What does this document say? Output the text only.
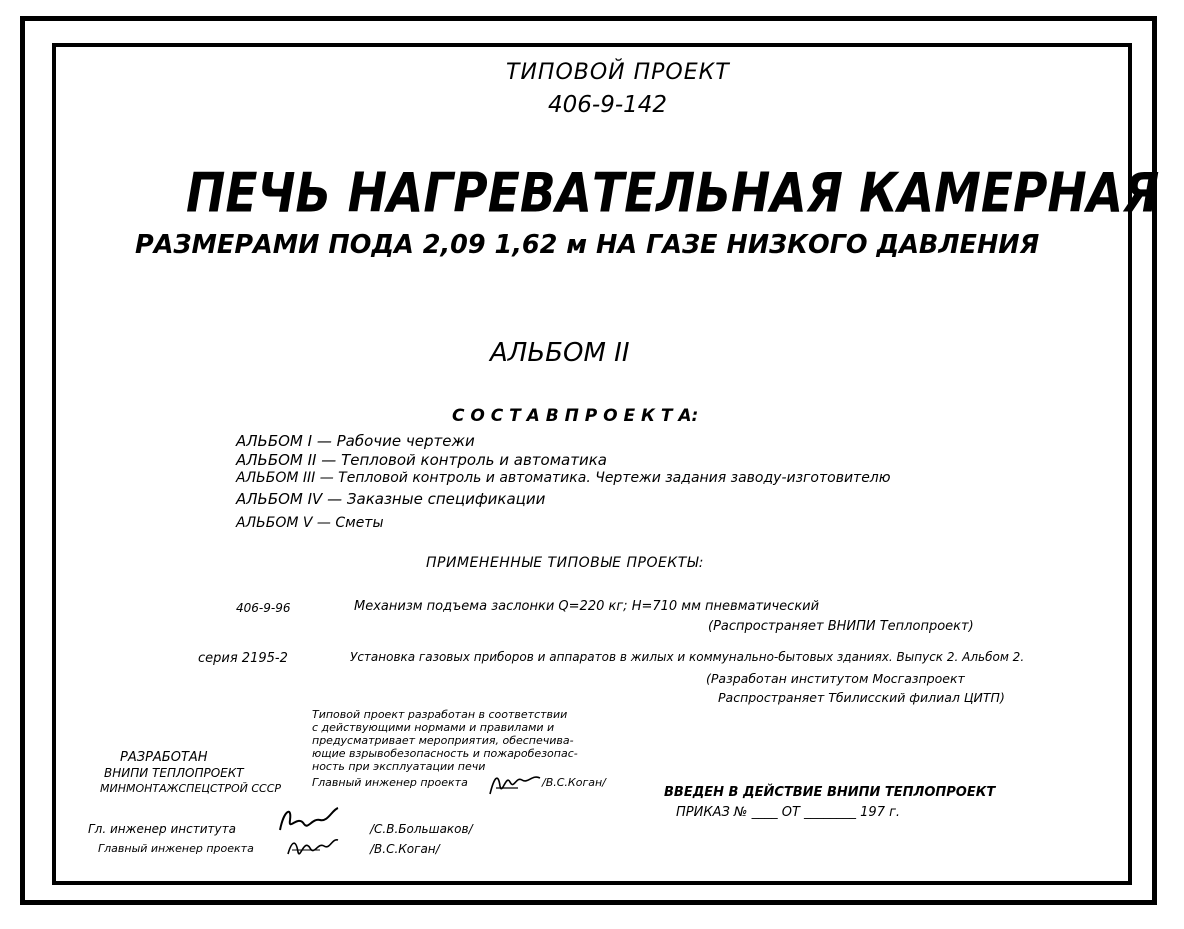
ТИПОВОЙ ПРОЕКТ
406-9-142
ПЕЧЬ НАГРЕВАТЕЛЬНАЯ КАМЕРНАЯ
РАЗМЕРАМИ ПОДА 2,09 1,62 м НА ГАЗЕ НИЗКОГО ДАВЛЕНИЯ
АЛЬБОМ II
С О С Т А В П Р О Е К Т А:
АЛЬБОМ I — Рабочие чертежи
АЛЬБОМ II — Тепловой контроль и автоматика
АЛЬБОМ III — Тепловой контроль и автоматика. Чертежи задания заводу-изготовителю
АЛЬБОМ IV — Заказные спецификации
АЛЬБОМ V — Сметы
ПРИМЕНЕННЫЕ ТИПОВЫЕ ПРОЕКТЫ:
406-9-96	Механизм подъема заслонки Q=220 кг; H=710 мм пневматический
(Распространяет ВНИПИ Теплопроект)
серия 2195-2	Установка газовых приборов и аппаратов в жилых и коммунально-бытовых зданиях. Выпуск 2. Альбом 2.
(Разработан институтом Мосгазпроект
Распространяет Тбилисский филиал ЦИТП)
Типовой проект разработан в соответствии
с действующими нормами и правилами и
предусматривает мероприятия, обеспечива-
ющие взрывобезопасность и пожаробезопас-
ность при эксплуатации печи
Главный инженер проекта	/В.С.Коган/
РАЗРАБОТАН
ВНИПИ ТЕПЛОПРОЕКТ
МИНМОНТАЖСПЕЦСТРОЙ СССР	ВВЕДЕН В ДЕЙСТВИЕ ВНИПИ ТЕПЛОПРОЕКТ
ПРИКАЗ № ____ ОТ ________ 197 г.
Гл. инженер института
Главный инженер проекта
/С.В.Большаков/
/В.С.Коган/
